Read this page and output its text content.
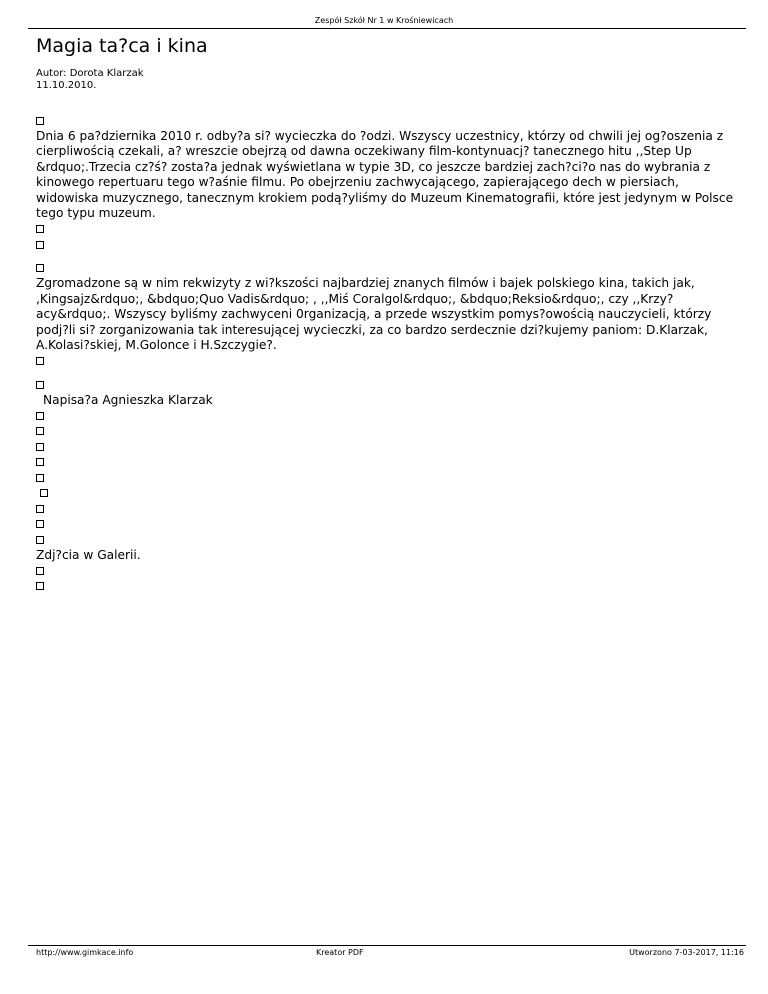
Zespół Szkół Nr 1 w Krośniewicach
Magia ta?ca i kina
Autor: Dorota Klarzak
11.10.2010.

Dnia 6 pa?dziernika 2010 r. odby?a si? wycieczka do ?odzi. Wszyscy uczestnicy, którzy od chwili jej og?oszenia z cierpliwością czekali, a? wreszcie obejrzą od dawna oczekiwany film-kontynuacj? tanecznego hitu ,,Step Up &rdquo;.Trzecia cz?ś? zosta?a jednak wyświetlana w typie 3D, co jeszcze bardziej zach?ci?o nas do wybrania z kinowego repertuaru tego w?aśnie filmu. Po obejrzeniu zachwycającego, zapierającego dech w piersiach, widowiska muzycznego, tanecznym krokiem podą?yliśmy do Muzeum Kinematografii, które jest jedynym w Polsce tego typu muzeum.

Zgromadzone są w nim rekwizyty z wi?kszości najbardziej znanych filmów i bajek polskiego kina, takich jak, ,Kingsajz&rdquo;, &bdquo;Quo Vadis&rdquo; , ,,Miś Coralgol&rdquo;, &bdquo;Reksio&rdquo;, czy ,,Krzy?acy&rdquo;. Wszyscy byliśmy zachwyceni 0rganizacją, a przede wszystkim pomys?owością nauczycieli, którzy podj?li si? zorganizowania tak interesującej wycieczki, za co bardzo serdecznie dzi?kujemy paniom: D.Klarzak, A.Kolasi?skiej, M.Golonce i H.Szczygie?.

Napisa?a Agnieszka Klarzak
Zdj?cia w Galerii.
http://www.gimkace.info	Kreator PDF	Utworzono 7-03-2017, 11:16
